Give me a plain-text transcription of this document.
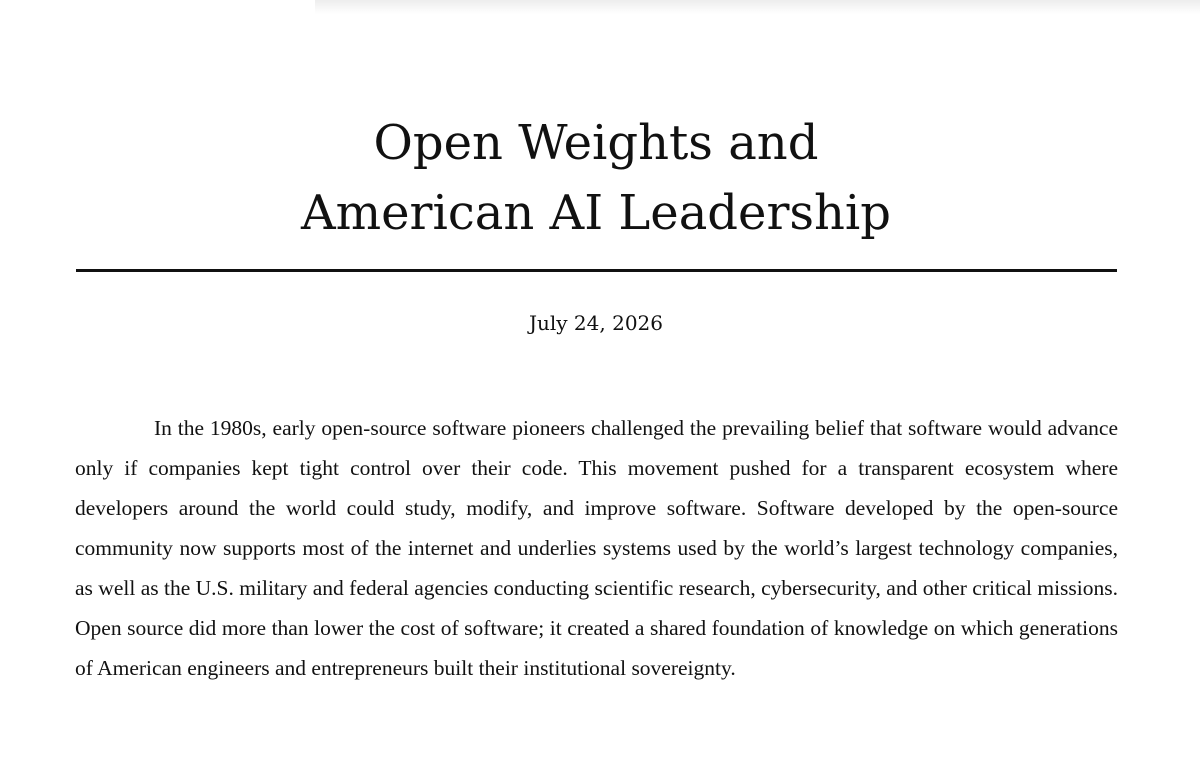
Open Weights and
American AI Leadership
July 24, 2026

In the 1980s, early open-source software pioneers challenged the prevailing belief that software would advance only if companies kept tight control over their code. This movement pushed for a transparent ecosystem where developers around the world could study, modify, and improve software. Software developed by the open-source community now supports most of the internet and underlies systems used by the world’s largest technology companies, as well as the U.S. military and federal agencies conducting scientific research, cybersecurity, and other critical missions. Open source did more than lower the cost of software; it created a shared foundation of knowledge on which generations of American engineers and entrepreneurs built their institutional sovereignty.
